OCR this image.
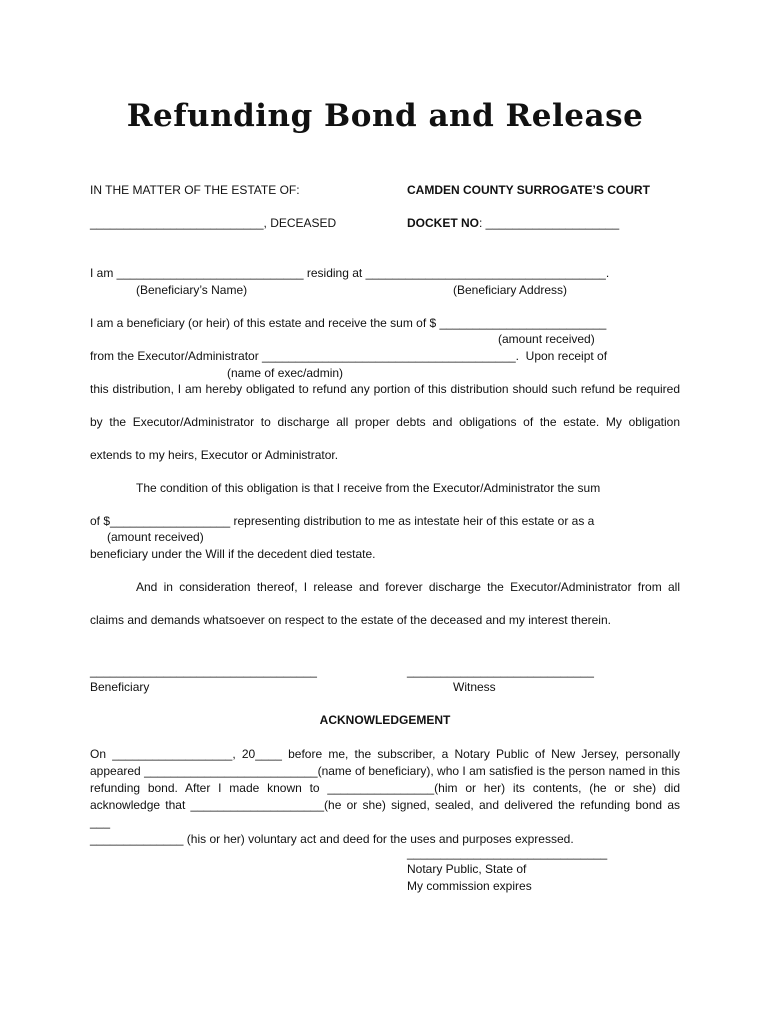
Refunding Bond and Release
IN THE MATTER OF THE ESTATE OF:	CAMDEN COUNTY SURROGATE’S COURT
__________________________, DECEASED	DOCKET NO: ____________________
I am ____________________________ residing at ____________________________________.
(Beneficiary’s Name)	(Beneficiary Address)
I am a beneficiary (or heir) of this estate and receive the sum of $ _________________________
(amount received)
from the Executor/Administrator ______________________________________.  Upon receipt of
(name of exec/admin)
this distribution, I am hereby obligated to refund any portion of this distribution should such refund be required
by the Executor/Administrator to discharge all proper debts and obligations of the estate. My obligation
extends to my heirs, Executor or Administrator.
The condition of this obligation is that I receive from the Executor/Administrator the sum
of $__________________ representing distribution to me as intestate heir of this estate or as a
(amount received)
beneficiary under the Will if the decedent died testate.
And in consideration thereof, I release and forever discharge the Executor/Administrator from all
claims and demands whatsoever on respect to the estate of the deceased and my interest therein.
__________________________________
Beneficiary
____________________________
Witness
ACKNOWLEDGEMENT
On __________________, 20____ before me, the subscriber, a Notary Public of New Jersey, personally
appeared __________________________(name of beneficiary), who I am satisfied is the person named in this
refunding bond. After I made known to ________________(him or her) its contents, (he or she) did
acknowledge that ____________________(he or she) signed, sealed, and delivered the refunding bond as ___
______________ (his or her) voluntary act and deed for the uses and purposes expressed.
______________________________
Notary Public, State of
My commission expires
